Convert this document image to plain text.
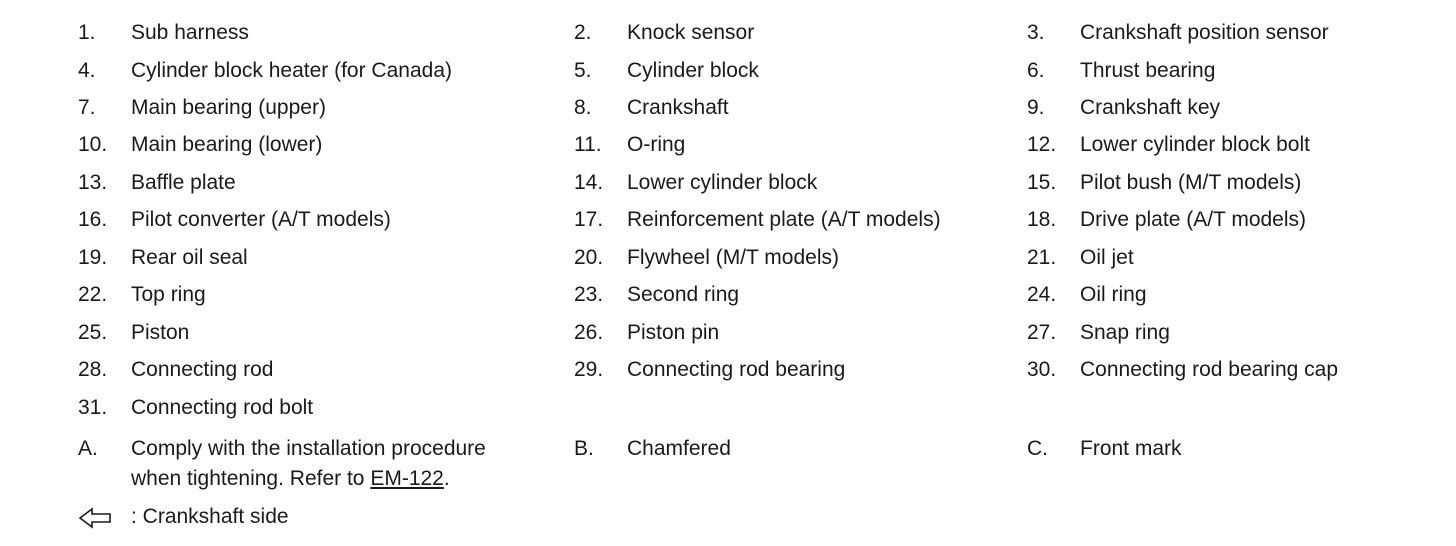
1. Sub harness	2. Knock sensor	3. Crankshaft position sensor
4. Cylinder block heater (for Canada)	5. Cylinder block	6. Thrust bearing
7. Main bearing (upper)	8. Crankshaft	9. Crankshaft key
10. Main bearing (lower)	11. O-ring	12. Lower cylinder block bolt
13. Baffle plate	14. Lower cylinder block	15. Pilot bush (M/T models)
16. Pilot converter (A/T models)	17. Reinforcement plate (A/T models)	18. Drive plate (A/T models)
19. Rear oil seal	20. Flywheel (M/T models)	21. Oil jet
22. Top ring	23. Second ring	24. Oil ring
25. Piston	26. Piston pin	27. Snap ring
28. Connecting rod	29. Connecting rod bearing	30. Connecting rod bearing cap
31. Connecting rod bolt
A. Comply with the installation procedure
when tightening. Refer to EM-122.
B. Chamfered	C. Front mark
: Crankshaft side
